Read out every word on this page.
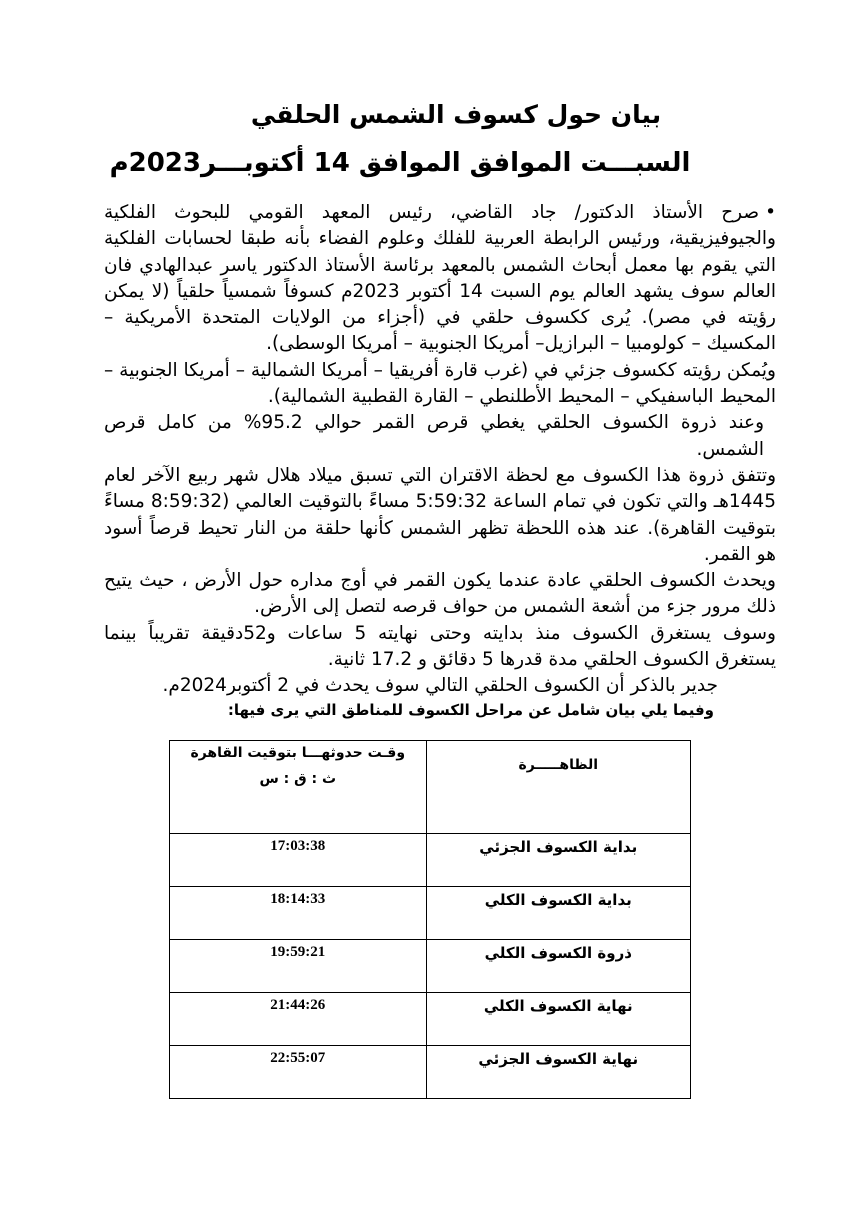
بيان حول كسوف الشمس الحلقي
السبـــت الموافق الموافق 14 أكتوبـــر2023م

•صرح الأستاذ الدكتور/ جاد القاضي، رئيس المعهد القومي للبحوث الفلكية والجيوفيزيقية، ورئيس الرابطة العربية للفلك وعلوم الفضاء بأنه طبقا لحسابات الفلكية التي يقوم بها معمل أبحاث الشمس بالمعهد برئاسة الأستاذ الدكتور ياسر عبدالهادي فان العالم سوف يشهد العالم يوم السبت 14 أكتوبر 2023م كسوفاً شمسياً حلقياً (لا يمكن رؤيته في مصر). يُرى ككسوف حلقي في (أجزاء من الولايات المتحدة الأمريكية – المكسيك – كولومبيا – البرازيل– أمريكا الجنوبية – أمريكا الوسطى).

ويُمكن رؤيته ككسوف جزئي في (غرب قارة أفريقيا – أمريكا الشمالية – أمريكا الجنوبية – المحيط الباسفيكي – المحيط الأطلنطي – القارة القطبية الشمالية).

وعند ذروة الكسوف الحلقي يغطي قرص القمر حوالي 95.2% من كامل قرص الشمس.

وتتفق ذروة هذا الكسوف مع لحظة الاقتران التي تسبق ميلاد هلال شهر ربيع الآخر لعام 1445هـ والتي تكون في تمام الساعة 5:59:32 مساءً بالتوقيت العالمي (8:59:32 مساءً بتوقيت القاهرة). عند هذه اللحظة تظهر الشمس كأنها حلقة من النار تحيط قرصاً أسود هو القمر.

ويحدث الكسوف الحلقي عادة عندما يكون القمر في أوج مداره حول الأرض ، حيث يتيح ذلك مرور جزء من أشعة الشمس من حواف قرصه لتصل إلى الأرض.

وسوف يستغرق الكسوف منذ بدايته وحتى نهايته 5 ساعات و52دقيقة تقريباً بينما يستغرق الكسوف الحلقي مدة قدرها 5 دقائق و 17.2 ثانية.

جدير بالذكر أن الكسوف الحلقي التالي سوف يحدث في 2 أكتوبر2024م.

وفيما يلي بيان شامل عن مراحل الكسوف للمناطق التي يرى فيها:

الظاهـــــرة	وقـت حدوثهـــا بتوقيت القاهرة
ث : ق : س

بداية الكسوف الجزئي	17:03:38
بداية الكسوف الكلي	18:14:33
ذروة الكسوف الكلي	19:59:21
نهاية الكسوف الكلي	21:44:26
نهاية الكسوف الجزئي	22:55:07
